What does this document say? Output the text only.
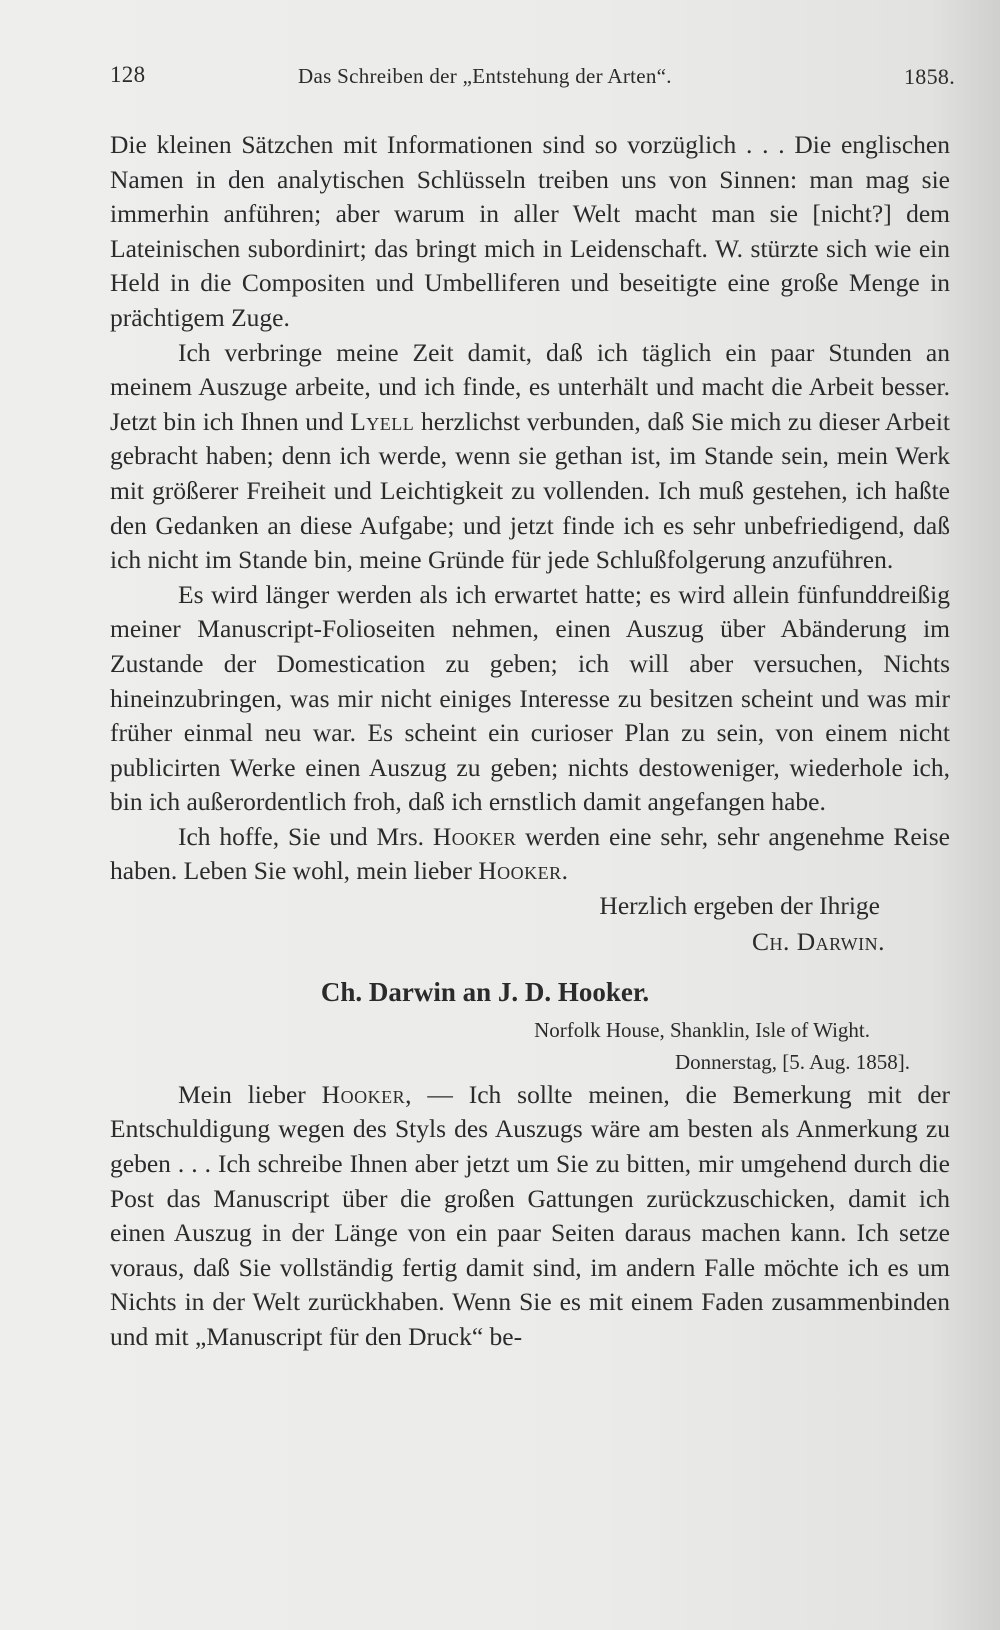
128	Das Schreiben der „Entstehung der Arten“.	1858.

Die kleinen Sätzchen mit Informationen sind so vorzüglich . . . Die englischen Namen in den analytischen Schlüsseln treiben uns von Sinnen: man mag sie immerhin anführen; aber warum in aller Welt macht man sie [nicht?] dem Lateinischen subordinirt; das bringt mich in Leidenschaft. W. stürzte sich wie ein Held in die Compositen und Umbelliferen und beseitigte eine große Menge in prächtigem Zuge.

Ich verbringe meine Zeit damit, daß ich täglich ein paar Stunden an meinem Auszuge arbeite, und ich finde, es unterhält und macht die Arbeit besser. Jetzt bin ich Ihnen und Lyell herzlichst verbunden, daß Sie mich zu dieser Arbeit gebracht haben; denn ich werde, wenn sie gethan ist, im Stande sein, mein Werk mit größerer Freiheit und Leichtigkeit zu vollenden. Ich muß gestehen, ich haßte den Gedanken an diese Aufgabe; und jetzt finde ich es sehr unbefriedigend, daß ich nicht im Stande bin, meine Gründe für jede Schlußfolgerung anzuführen.

Es wird länger werden als ich erwartet hatte; es wird allein fünfunddreißig meiner Manuscript-Folioseiten nehmen, einen Auszug über Abänderung im Zustande der Domestication zu geben; ich will aber versuchen, Nichts hineinzubringen, was mir nicht einiges Interesse zu besitzen scheint und was mir früher einmal neu war. Es scheint ein curioser Plan zu sein, von einem nicht publicirten Werke einen Auszug zu geben; nichts destoweniger, wiederhole ich, bin ich außerordentlich froh, daß ich ernstlich damit angefangen habe.

Ich hoffe, Sie und Mrs. Hooker werden eine sehr, sehr angenehme Reise haben. Leben Sie wohl, mein lieber Hooker.

Herzlich ergeben der Ihrige

Ch. Darwin.

Ch. Darwin an J. D. Hooker.

Norfolk House, Shanklin, Isle of Wight.

Donnerstag, [5. Aug. 1858].

Mein lieber Hooker, — Ich sollte meinen, die Bemerkung mit der Entschuldigung wegen des Styls des Auszugs wäre am besten als Anmerkung zu geben . . . Ich schreibe Ihnen aber jetzt um Sie zu bitten, mir umgehend durch die Post das Manuscript über die großen Gattungen zurückzuschicken, damit ich einen Auszug in der Länge von ein paar Seiten daraus machen kann. Ich setze voraus, daß Sie vollständig fertig damit sind, im andern Falle möchte ich es um Nichts in der Welt zurückhaben. Wenn Sie es mit einem Faden zusammenbinden und mit „Manuscript für den Druck“ be-
